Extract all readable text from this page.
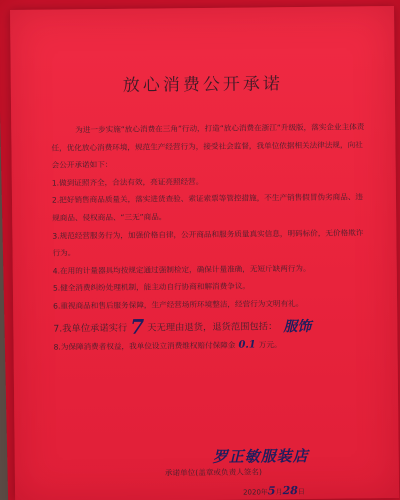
放心消费公开承诺

为进一步实施“放心消费在三角”行动，打造“放心消费在浙江”升级版，落实企业主体责任，优化放心消费环境，规范生产经营行为，接受社会监督，我单位依据相关法律法规，向社会公开承诺如下：

1.做到证照齐全，合法有效，亮证亮照经营。

2.把好销售商品质量关，落实进货查验、索证索票等管控措施，不生产销售假冒伪劣商品、违规商品、侵权商品、“三无”商品。

3.规范经营服务行为，加强价格自律，公开商品和服务质量真实信息，明码标价，无价格欺诈行为。

4.在用的计量器具均按规定通过强制检定，确保计量准确，无短斤缺两行为。

5.健全消费纠纷处理机制，能主动自行协商和解消费争议。

6.重视商品和售后服务保障，生产经营场所环境整洁，经营行为文明有礼。

7.我单位承诺实行 7 天无理由退货，退货范围包括： 服饰

8.为保障消费者权益，我单位设立消费维权赔付保障金 0.1 万元。

罗正敏服装店
承诺单位(盖章或负责人签名)
2020年5月28日
